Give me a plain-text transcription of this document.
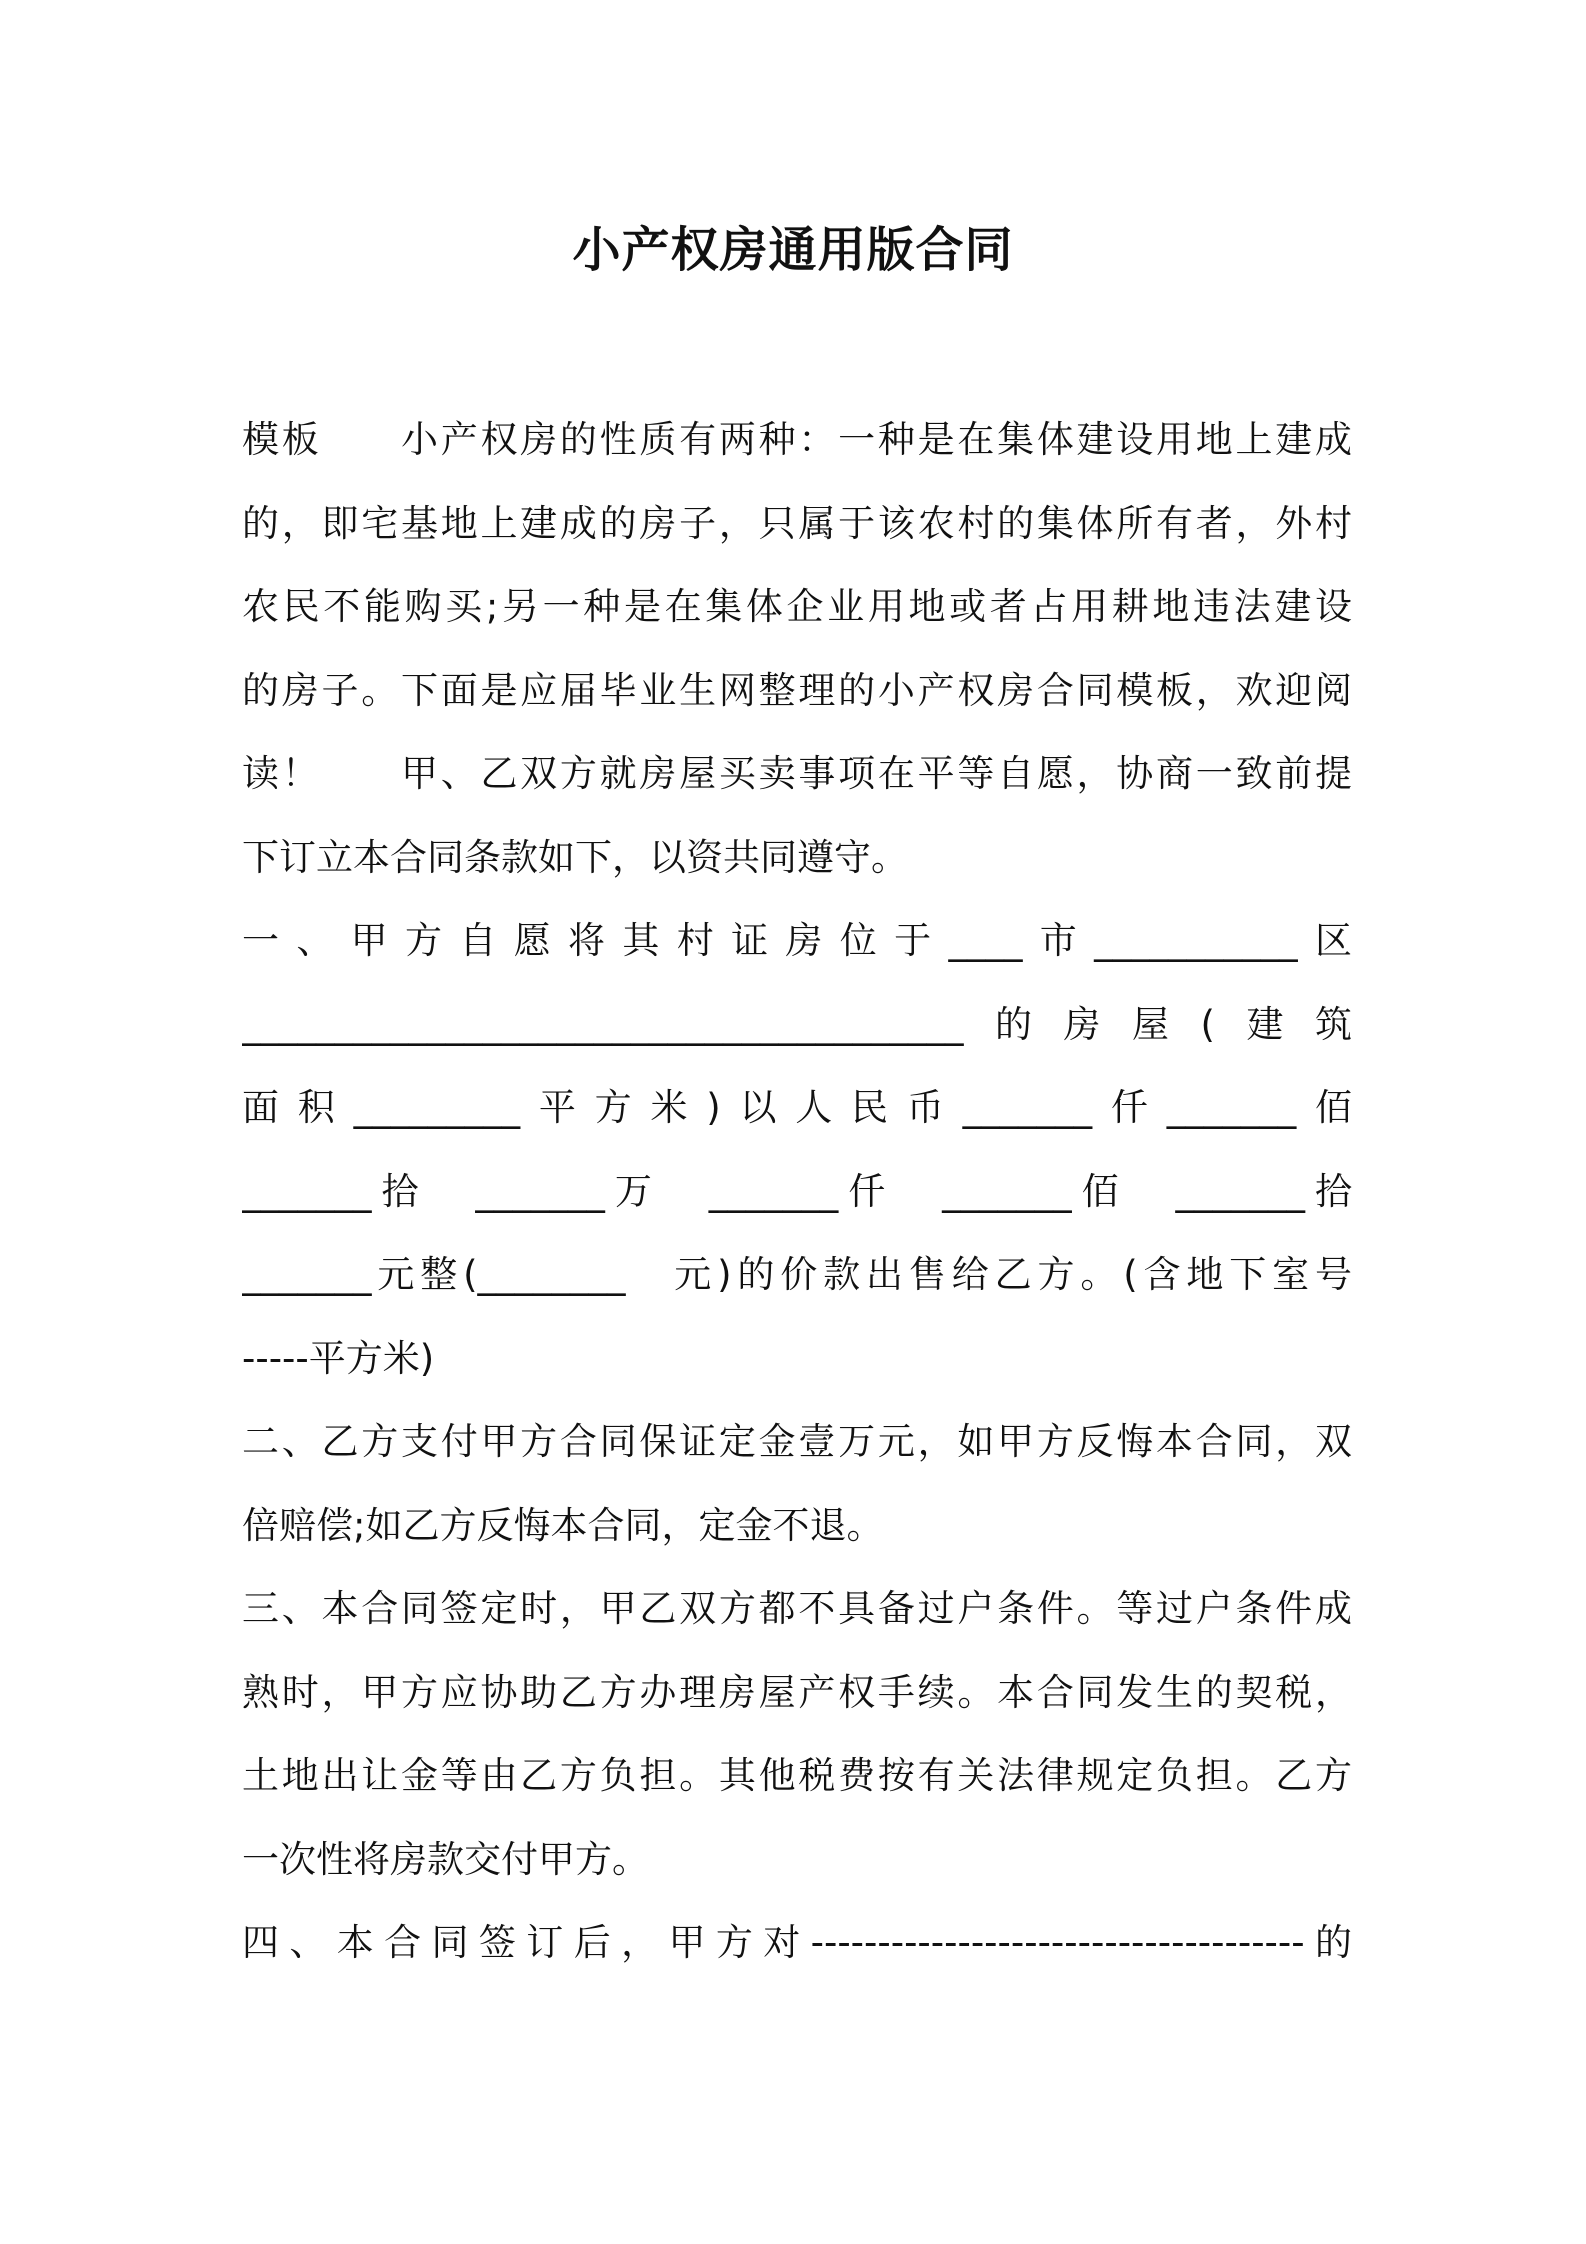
小产权房通用版合同
模板　　小产权房的性质有两种：一种是在集体建设用地上建成
的，即宅基地上建成的房子，只属于该农村的集体所有者，外村
农民不能购买;另一种是在集体企业用地或者占用耕地违法建设
的房子。下面是应届毕业生网整理的小产权房合同模板，欢迎阅
读！　　甲、乙双方就房屋买卖事项在平等自愿，协商一致前提
下订立本合同条款如下，以资共同遵守。
一、甲方自愿将其村证房位于____市___________区
_______________________________________的房屋(建筑
面积_________平方米)以人民币_______仟_______佰
_______拾　_______万　_______仟　_______佰　_______拾
_______元整(________　元)的价款出售给乙方。(含地下室号
-----平方米)
二、乙方支付甲方合同保证定金壹万元，如甲方反悔本合同，双
倍赔偿;如乙方反悔本合同，定金不退。
三、本合同签定时，甲乙双方都不具备过户条件。等过户条件成
熟时，甲方应协助乙方办理房屋产权手续。本合同发生的契税，
土地出让金等由乙方负担。其他税费按有关法律规定负担。乙方
一次性将房款交付甲方。
四、本合同签订后，甲方对-------------------------------------的
